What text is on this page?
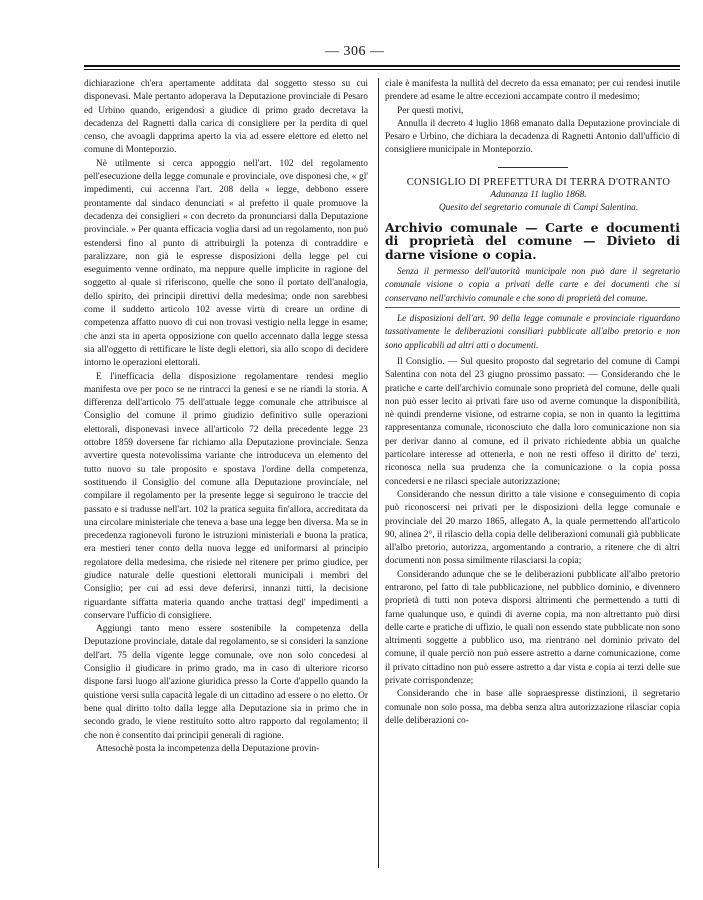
— 306 —

dichiarazione ch'era apertamente additata dal soggetto stesso su cui disponevasi. Male pertanto adoperava la Deputazione provinciale di Pesaro ed Urbino quando, erigendosi a giudice di primo grado decretava la decadenza del Ragnetti dalla carica di consigliere per la perdita di quel censo, che avoagli dapprima aperto la via ad essere elettore ed eletto nel comune di Monteporzio.

Nè utilmente si cerca appoggio nell'art. 102 del regolamento pell'esecuzione della legge comunale e provinciale, ove disponesi che, « gl' impedimenti, cui accenna l'art. 208 della « legge, debbono essere prontamente dal sindaco denunciati « al prefetto il quale promuove la decadenza dei consiglieri « con decreto da pronunciarsi dalla Deputazione provinciale. » Per quanta efficacia voglia darsi ad un regolamento, non può estendersi fino al punto di attribuirgli la potenza di contraddire e paralizzare, non già le espresse disposizioni della legge pel cui eseguimento venne ordinato, ma neppure quelle implicite in ragione del soggetto al quale si riferiscono, quelle che sono il portato dell'analogia, dello spirito, dei principii direttivi della medesima; onde non sarebbesi come il suddetto articolo 102 avesse virtù di creare un ordine di competenza affatto nuovo di cui non trovasi vestigio nella legge in esame; che anzi sta in aperta opposizione con quello accennato dalla legge stessa sia all'oggetto di rettificare le liste degli elettori, sia allo scopo di decidere intorno le operazioni elettorali.

E l'inefficacia della disposizione regolamentare rendesi meglio manifesta ove per poco se ne rintracci la genesi e se ne riandi la storia. A differenza dell'articolo 75 dell'attuale legge comunale che attribuisce al Consiglio del comune il primo giudizio definitivo sulle operazioni elettorali, disponevasi invece all'articolo 72 della precedente legge 23 ottobre 1859 doversene far richiamo alla Deputazione provinciale. Senza avvertire questa notevolissima variante che introduceva un elemento del tutto nuovo su tale proposito e spostava l'ordine della competenza, sostituendo il Consiglio del comune alla Deputazione provinciale, nel compilare il regolamento per la presente legge si seguirono le traccie del passato e si tradusse nell'art. 102 la pratica seguita fin'allora, accreditata da una circolare ministeriale che teneva a base una legge ben diversa. Ma se in precedenza ragionevoli furono le istruzioni ministeriali e buona la pratica, era mestieri tener conto della nuova legge ed uniformarsi al principio regolatore della medesima, che risiede nel ritenere per primo giudice, per giudice naturale delle questioni elettorali municipali i membri del Consiglio; per cui ad essi deve deferirsi, innanzi tutti, la decisione riguardante siffatta materia quando anche trattasi degl' impedimenti a conservare l'ufficio di consigliere.

Aggiungi tanto meno essere sostenibile la competenza della Deputazione provinciale, datale dal regolamento, se si consideri la sanzione dell'art. 75 della vigente legge comunale, ove non solo concedesi al Consiglio il giudicare in primo grado, ma in caso di ulteriore ricorso dispone farsi luogo all'azione giuridica presso la Corte d'appello quando la quistione versi sulla capacità legale di un cittadino ad essere o no eletto. Or bene qual diritto tolto dalla legge alla Deputazione sia in primo che in secondo grado, le viene restituito sotto altro rapporto dal regolamento; il che non è consentito dai principii generali di ragione.

Attesochè posta la incompetenza della Deputazione provin-

ciale è manifesta la nullità del decreto da essa emanato; per cui rendesi inutile prendere ad esame le altre eccezioni accampate contro il medesimo;

Per questi motivi,

Annulla il decreto 4 luglio 1868 emanato dalla Deputazione provinciale di Pesaro e Urbino, che dichiara la decadenza di Ragnetti Antonio dall'ufficio di consigliere municipale in Monteporzio.

CONSIGLIO DI PREFETTURA DI TERRA D'OTRANTO

Adunanza 11 luglio 1868.

Quesito del segretario comunale di Campi Salentina.

Archivio comunale — Carte e documenti di proprietà del comune — Divieto di darne visione o copia.

Senza il permesso dell'autorità municipale non può dare il segretario comunale visione o copia a privati delle carte e dei documenti che si conservano nell'archivio comunale e che sono di proprietà del comune.

Le disposizioni dell'art. 90 della legge comunale e provinciale riguardano tassativamente le deliberazioni consiliari pubblicate all'albo pretorio e non sono applicabili ad altri atti o documenti.

Il Consiglio. — Sul quesito proposto dal segretario del comune di Campi Salentina con nota del 23 giugno prossimo passato: — Considerando che le pratiche e carte dell'archivio comunale sono proprietà del comune, delle quali non può esser lecito ai privati fare uso od averne comunque la disponibilità, nè quindi prenderne visione, od estrarne copia, se non in quanto la legittima rappresentanza comunale, riconosciuto che dalla loro comunicazione non sia per derivar danno al comune, ed il privato richiedente abbia un qualche particolare interesse ad ottenerla, e non ne resti offeso il diritto de' terzi, riconosca nella sua prudenza che la comunicazione o la copia possa concedersi e ne rilasci speciale autorizzazione;

Considerando che nessun diritto a tale visione e conseguimento di copia può riconoscersi nei privati per le disposizioni della legge comunale e provinciale del 20 marzo 1865, allegato A, la quale permettendo all'articolo 90, alinea 2°, il rilascio della copia delle deliberazioni comunali già pubblicate all'albo pretorio, autorizza, argomentando a contrario, a ritenere che di altri documenti non possa similmente rilasciarsi la copia;

Considerando adunque che se le deliberazioni pubblicate all'albo pretorio entrarono, pel fatto di tale pubblicazione, nel pubblico dominio, e divennero proprietà di tutti non poteva disporsi altrimenti che permettendo a tutti di farne qualunque uso, e quindi di averne copia, ma non altrettanto può dirsi delle carte e pratiche di uffizio, le quali non essendo state pubblicate non sono altrimenti soggette a pubblico uso, ma rientrano nel dominio privato del comune, il quale perciò non può essere astretto a darne comunicazione, come il privato cittadino non può essere astretto a dar vista e copia ai terzi delle sue private corrispondenze;

Considerando che in base alle sopraespresse distinzioni, il segretario comunale non solo possa, ma debba senza altra autorizzazione rilasciar copia delle deliberazioni co-
